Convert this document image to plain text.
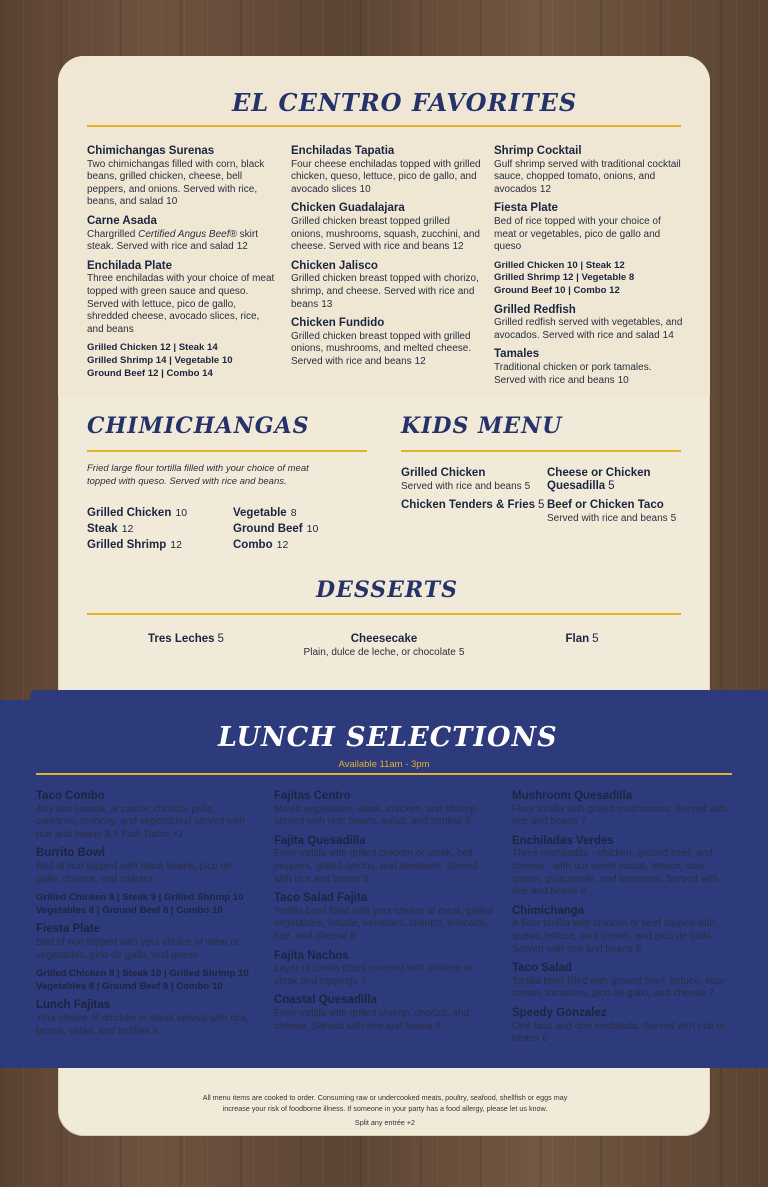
EL CENTRO FAVORITES
Chimichangas Surenas
Two chimichangas filled with corn, black beans, grilled chicken, cheese, bell peppers, and onions. Served with rice, beans, and salad 10
Carne Asada
Chargrilled Certified Angus Beef® skirt steak. Served with rice and salad 12
Enchilada Plate
Three enchiladas with your choice of meat topped with green sauce and queso. Served with lettuce, pico de gallo, shredded cheese, avocado slices, rice, and beans
Grilled Chicken 12 | Steak 14
Grilled Shrimp 14 | Vegetable 10
Ground Beef 12 | Combo 14
Enchiladas Tapatia
Four cheese enchiladas topped with grilled chicken, queso, lettuce, pico de gallo, and avocado slices 10
Chicken Guadalajara
Grilled chicken breast topped grilled onions, mushrooms, squash, zucchini, and cheese. Served with rice and beans 12
Chicken Jalisco
Grilled chicken breast topped with chorizo, shrimp, and cheese. Served with rice and beans 13
Chicken Fundido
Grilled chicken breast topped with grilled onions, mushrooms, and melted cheese. Served with rice and beans 12
Shrimp Cocktail
Gulf shrimp served with traditional cocktail sauce, chopped tomato, onions, and avocados 12
Fiesta Plate
Bed of rice topped with your choice of meat or vegetables, pico de gallo and queso
Grilled Chicken 10 | Steak 12
Grilled Shrimp 12 | Vegetable 8
Ground Beef 10 | Combo 12
Grilled Redfish
Grilled redfish served with vegetables, and avocados. Served with rice and salad 14
Tamales
Traditional chicken or pork tamales. Served with rice and beans 10
CHIMICHANGAS
Fried large flour tortilla filled with your choice of meat topped with queso. Served with rice and beans.
Grilled Chicken 10	Vegetable 8
Steak 12	Ground Beef 10
Grilled Shrimp 12	Combo 12
KIDS MENU
Grilled Chicken
Served with rice and beans 5
Cheese or Chicken Quesadilla 5
Chicken Tenders & Fries 5 Beef or Chicken Taco
Served with rice and beans 5
DESSERTS
Tres Leches 5	Cheesecake
Plain, dulce de leche, or chocolate 5
Flan 5
LUNCH SELECTIONS
Available 11am - 3pm
Taco Combo
Any two (asada, al pastor, chorizo, pollo, camaron, crunchy, and vegetables) served with rice and beans 8.5 Fish Tacos +1
Burrito Bowl
Bed of rice topped with black beans, pico de gallo, cheese, and cilantro
Grilled Chicken 8 | Steak 9 | Grilled Shrimp 10
Vegetables 8 | Ground Beef 8 | Combo 10
Fiesta Plate
Bed of rice topped with your choice of meat or vegetables, pico de gallo, and queso
Grilled Chicken 8 | Steak 10 | Grilled Shrimp 10
Vegetables 8 | Ground Beef 8 | Combo 10
Lunch Fajitas
Your choice of chicken or steak served with rice, beans, salad, and tortillas 8
Fajitas Centro
Mixed vegetables, steak, chicken, and shrimp served with rice, beans, salad, and tortillas 9
Fajita Quesadilla
Flour tortilla with grilled chicken or steak, bell peppers, grilled onions, and tomatoes. Served with rice and beans 8
Taco Salad Fajita
Tortilla bowl filled with your choice of meat, grilled vegetables, lettuce, tomatoes, cilantro, avocado, rice, and cheese 8
Fajita Nachos
Layer of tortilla chips covered with chicken or steak and toppings 7
Coastal Quesadilla
Flour tortilla with grilled shrimp, chorizo, and cheese. Served with rice and beans 8
Mushroom Quesadilla
Flour tortilla with grilled mushrooms. Served with rice and beans 7
Enchiladas Verdes
Three enchiladas - chicken, ground beef, and cheese - with our verde sauce, lettuce, sour cream, guacamole, and tomatoes. Served with rice and beans 8
Chimichanga
A flour tortilla with chicken or beef topped with queso, lettuce, sour cream, and pico de gallo. Served with rice and beans 8
Taco Salad
Tortilla bowl filled with ground beef, lettuce, sour cream, tomatoes, pico de gallo, and cheese 7
Speedy Gonzalez
One taco and one enchilada. Served with rice or beans 6
All menu items are cooked to order. Consuming raw or undercooked meats, poultry, seafood, shellfish or eggs may
increase your risk of foodborne illness. If someone in your party has a food allergy, please let us know.
Split any entrée +2
